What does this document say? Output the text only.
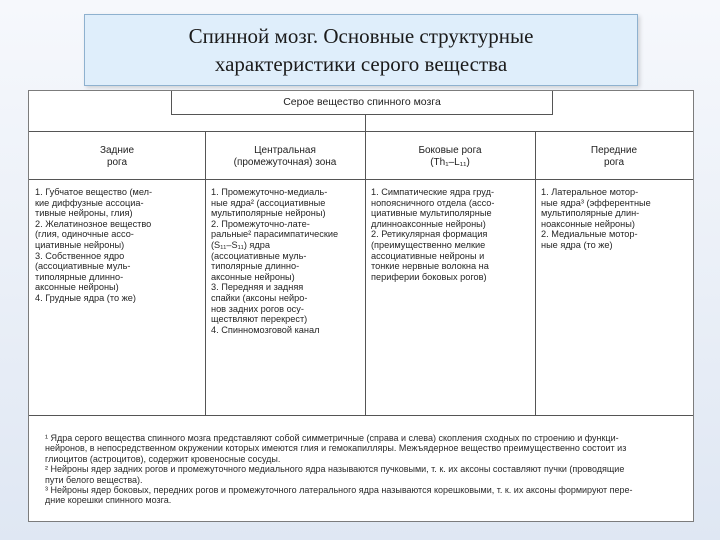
Спинной мозг. Основные структурные
характеристики серого вещества
Серое вещество спинного мозга
Задние
рога
Центральная
(промежуточная) зона
Боковые рога
(Th₁–L₁₁)
Передние
рога
1. Губчатое вещество (мел-
кие диффузные ассоциа-
тивные нейроны, глия)
2. Желатинозное вещество
(глия, одиночные ассо-
циативные нейроны)
3. Собственное ядро
(ассоциативные муль-
типолярные длинно-
аксонные нейроны)
4. Грудные ядра (то же)
1. Промежуточно-медиаль-
ные ядра² (ассоциативные
мультиполярные нейроны)
2. Промежуточно-лате-
ральные² парасимпатические
(S₁₁–S₁₁) ядра
(ассоциативные муль-
типолярные длинно-
аксонные нейроны)
3. Передняя и задняя
спайки (аксоны нейро-
нов задних рогов осу-
ществляют перекрест)
4. Спинномозговой канал
1. Симпатические ядра груд-
нопоясничного отдела (ассо-
циативные мультиполярные
длинноаксонные нейроны)
2. Ретикулярная формация
(преимущественно мелкие
ассоциативные нейроны и
тонкие нервные волокна на
периферии боковых рогов)
1. Латеральное мотор-
ные ядра³ (эфферентные
мультиполярные длин-
ноаксонные нейроны)
2. Медиальные мотор-
ные ядра (то же)
¹ Ядра серого вещества спинного мозга представляют собой симметричные (справа и слева) скопления сходных по строению и функци-
нейронов, в непосредственном окружении которых имеются глия и гемокапилляры. Межъядерное вещество преимущественно состоит из
глиоцитов (астроцитов), содержит кровеносные сосуды.
² Нейроны ядер задних рогов и промежуточного медиального ядра называются пучковыми, т. к. их аксоны составляют пучки (проводящие
пути белого вещества).
³ Нейроны ядер боковых, передних рогов и промежуточного латерального ядра называются корешковыми, т. к. их аксоны формируют пере-
дние корешки спинного мозга.
